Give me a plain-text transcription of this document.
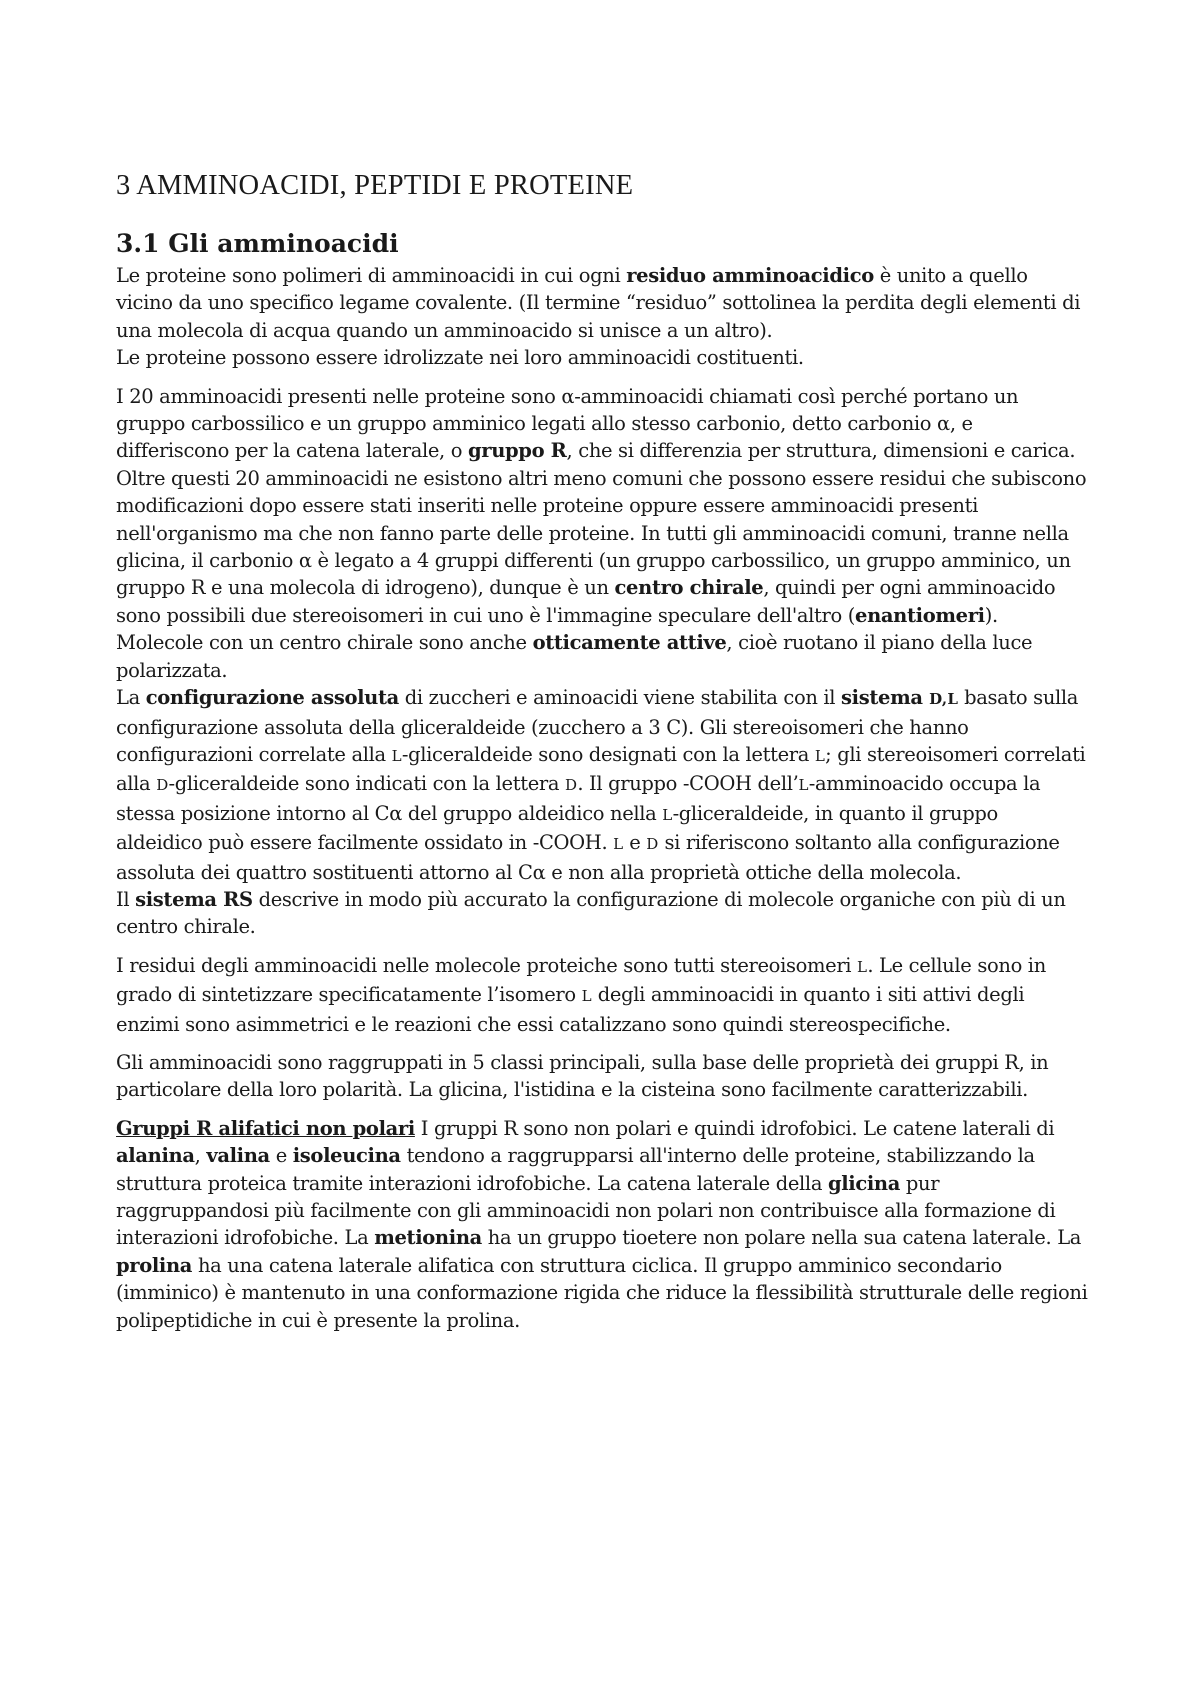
3 AMMINOACIDI, PEPTIDI E PROTEINE
3.1 Gli amminoacidi

Le proteine sono polimeri di amminoacidi in cui ogni residuo amminoacidico è unito a quello vicino da uno specifico legame covalente. (Il termine “residuo” sottolinea la perdita degli elementi di una molecola di acqua quando un amminoacido si unisce a un altro).
Le proteine possono essere idrolizzate nei loro amminoacidi costituenti.

I 20 amminoacidi presenti nelle proteine sono α-amminoacidi chiamati così perché portano un gruppo carbossilico e un gruppo amminico legati allo stesso carbonio, detto carbonio α, e differiscono per la catena laterale, o gruppo R, che si differenzia per struttura, dimensioni e carica. Oltre questi 20 amminoacidi ne esistono altri meno comuni che possono essere residui che subiscono modificazioni dopo essere stati inseriti nelle proteine oppure essere amminoacidi presenti nell'organismo ma che non fanno parte delle proteine. In tutti gli amminoacidi comuni, tranne nella glicina, il carbonio α è legato a 4 gruppi differenti (un gruppo carbossilico, un gruppo amminico, un gruppo R e una molecola di idrogeno), dunque è un centro chirale, quindi per ogni amminoacido sono possibili due stereoisomeri in cui uno è l'immagine speculare dell'altro (enantiomeri). Molecole con un centro chirale sono anche otticamente attive, cioè ruotano il piano della luce polarizzata.
La configurazione assoluta di zuccheri e aminoacidi viene stabilita con il sistema D,L basato sulla configurazione assoluta della gliceraldeide (zucchero a 3 C). Gli stereoisomeri che hanno configurazioni correlate alla L-gliceraldeide sono designati con la lettera L; gli stereoisomeri correlati alla D-gliceraldeide sono indicati con la lettera D. Il gruppo -COOH dell’L-amminoacido occupa la stessa posizione intorno al Cα del gruppo aldeidico nella L-gliceraldeide, in quanto il gruppo aldeidico può essere facilmente ossidato in -COOH. L e D si riferiscono soltanto alla configurazione assoluta dei quattro sostituenti attorno al Cα e non alla proprietà ottiche della molecola.
Il sistema RS descrive in modo più accurato la configurazione di molecole organiche con più di un centro chirale.

I residui degli amminoacidi nelle molecole proteiche sono tutti stereoisomeri L. Le cellule sono in grado di sintetizzare specificatamente l’isomero L degli amminoacidi in quanto i siti attivi degli enzimi sono asimmetrici e le reazioni che essi catalizzano sono quindi stereospecifiche.

Gli amminoacidi sono raggruppati in 5 classi principali, sulla base delle proprietà dei gruppi R, in particolare della loro polarità. La glicina, l'istidina e la cisteina sono facilmente caratterizzabili.

Gruppi R alifatici non polari I gruppi R sono non polari e quindi idrofobici. Le catene laterali di alanina, valina e isoleucina tendono a raggrupparsi all'interno delle proteine, stabilizzando la struttura proteica tramite interazioni idrofobiche. La catena laterale della glicina pur raggruppandosi più facilmente con gli amminoacidi non polari non contribuisce alla formazione di interazioni idrofobiche. La metionina ha un gruppo tioetere non polare nella sua catena laterale. La prolina ha una catena laterale alifatica con struttura ciclica. Il gruppo amminico secondario (imminico) è mantenuto in una conformazione rigida che riduce la flessibilità strutturale delle regioni polipeptidiche in cui è presente la prolina.
